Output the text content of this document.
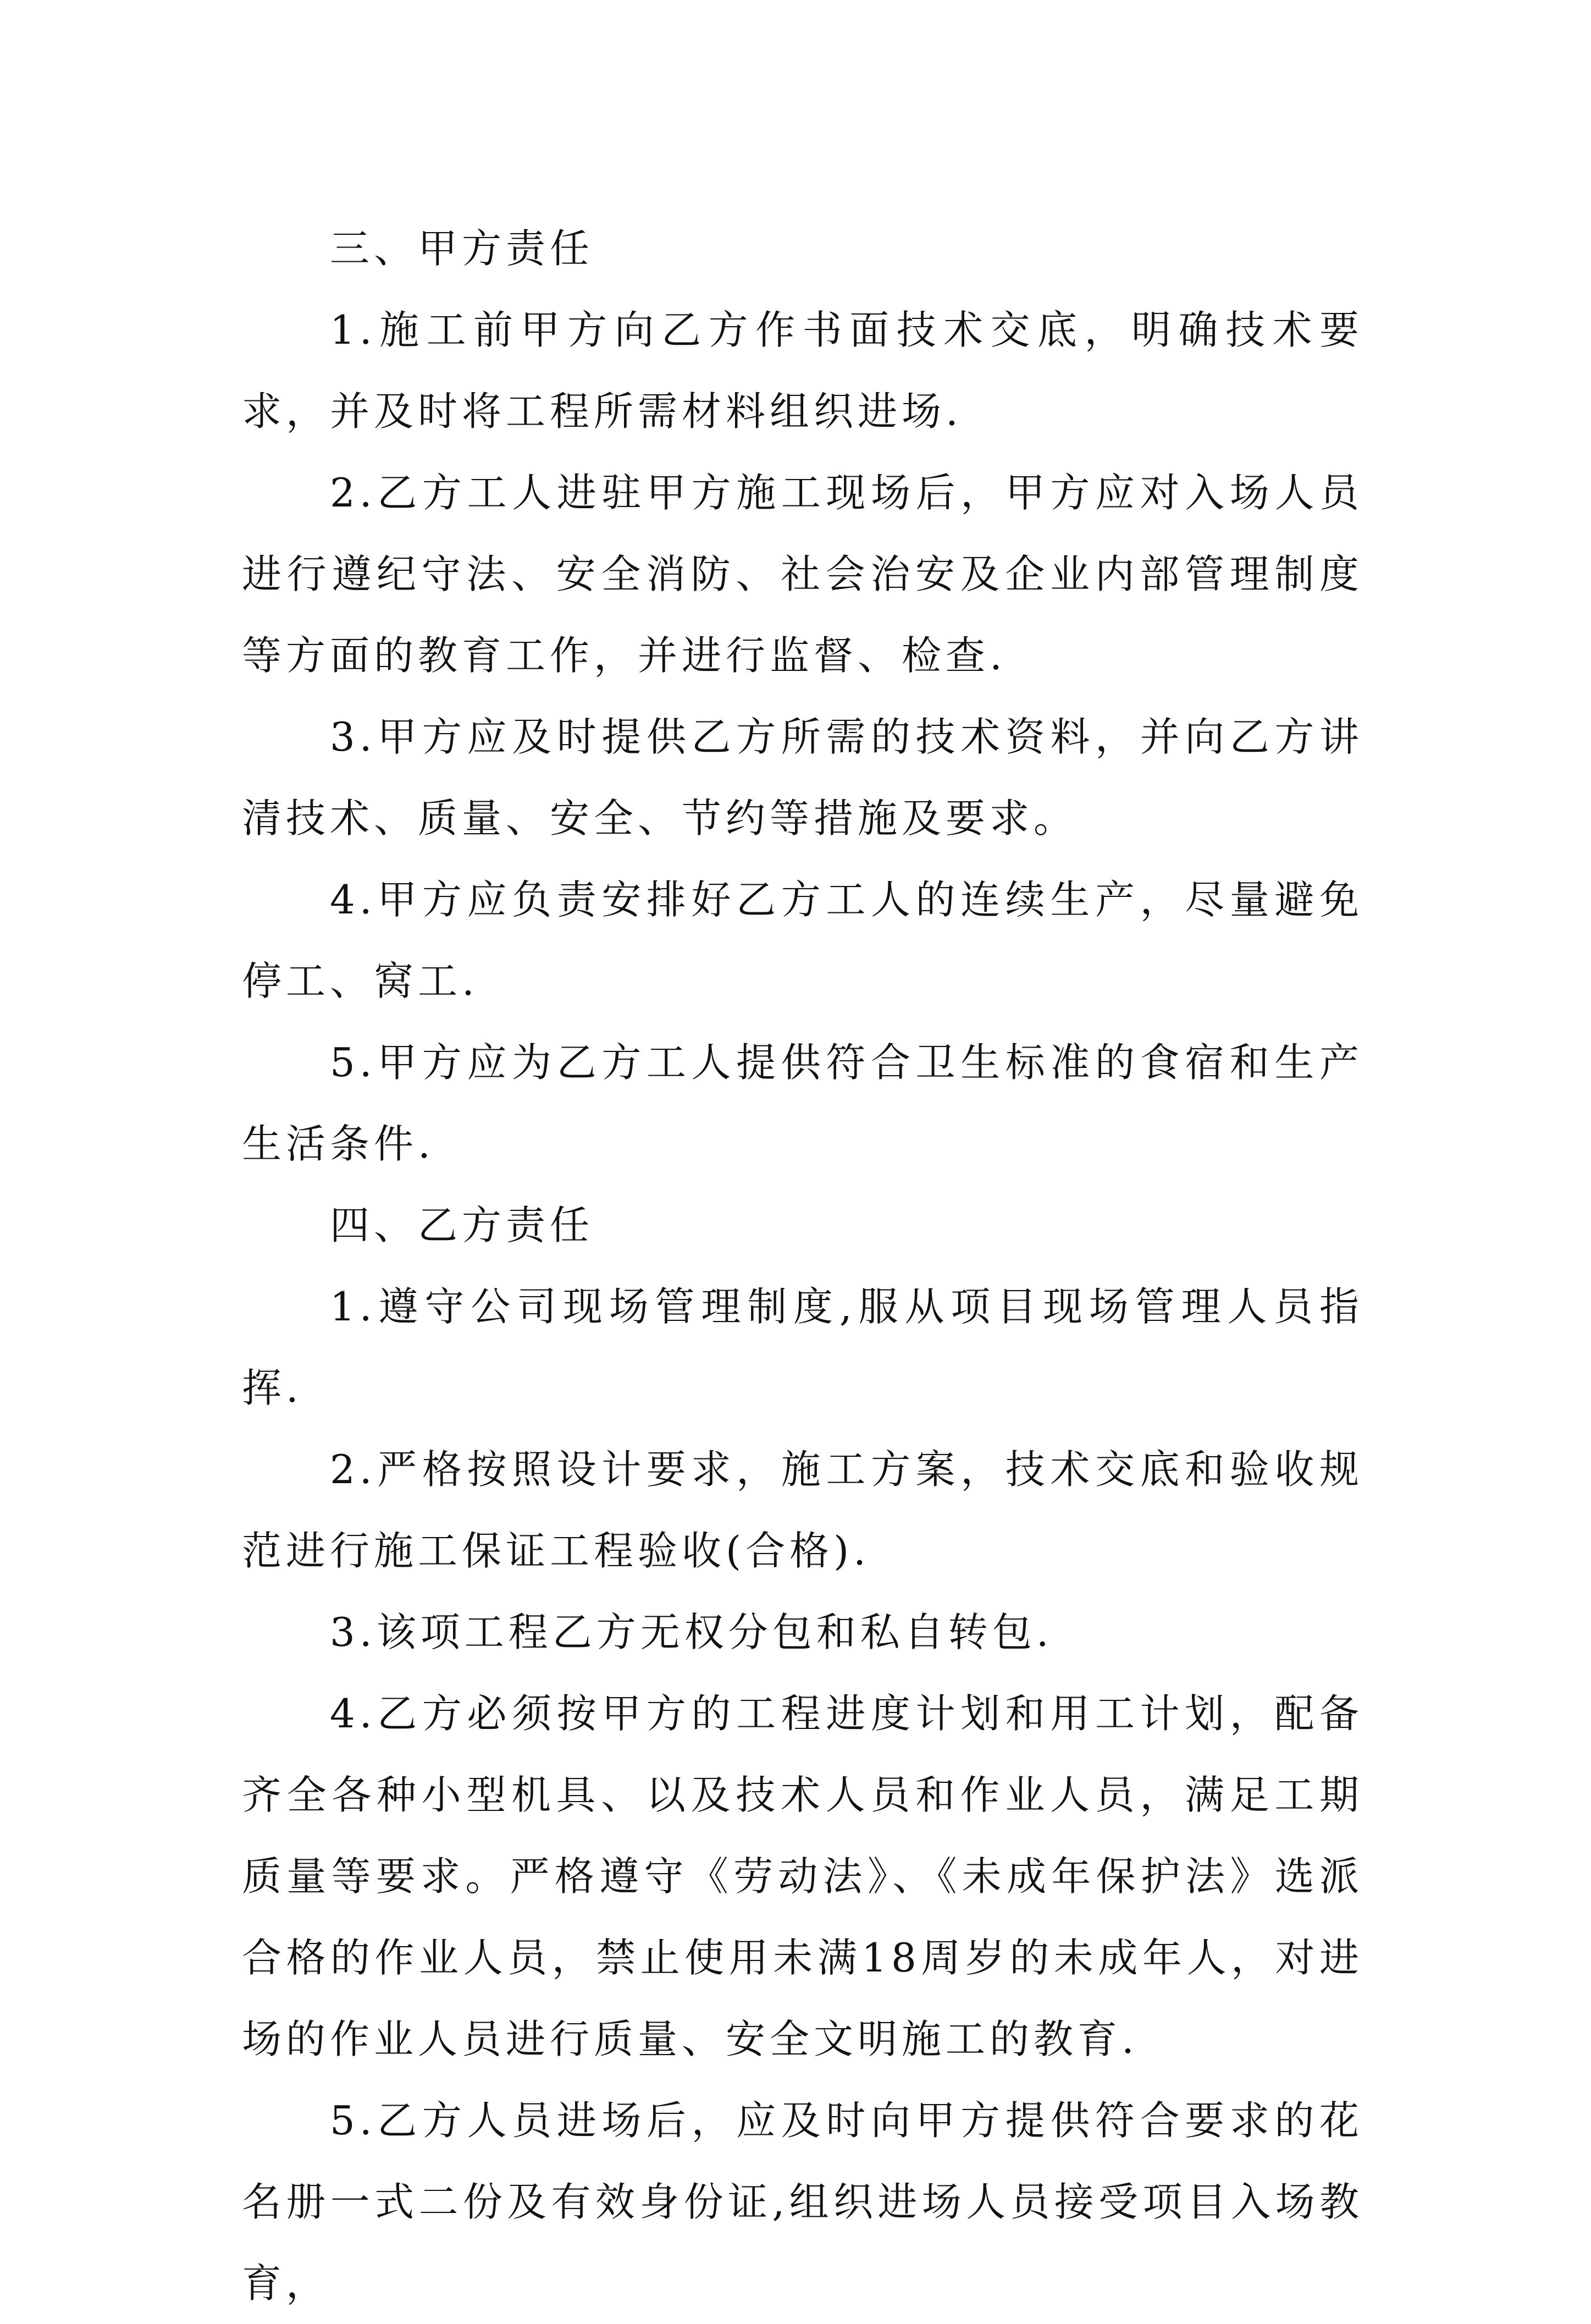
三、甲方责任

1.施工前甲方向乙方作书面技术交底，明确技术要求，并及时将工程所需材料组织进场.

2.乙方工人进驻甲方施工现场后，甲方应对入场人员进行遵纪守法、安全消防、社会治安及企业内部管理制度等方面的教育工作，并进行监督、检查.

3.甲方应及时提供乙方所需的技术资料，并向乙方讲清技术、质量、安全、节约等措施及要求。

4.甲方应负责安排好乙方工人的连续生产，尽量避免停工、窝工.

5.甲方应为乙方工人提供符合卫生标准的食宿和生产生活条件.

四、乙方责任

1.遵守公司现场管理制度,服从项目现场管理人员指挥.

2.严格按照设计要求，施工方案，技术交底和验收规范进行施工保证工程验收(合格).

3.该项工程乙方无权分包和私自转包.

4.乙方必须按甲方的工程进度计划和用工计划，配备齐全各种小型机具、以及技术人员和作业人员，满足工期质量等要求。严格遵守《劳动法》、《未成年保护法》选派合格的作业人员，禁止使用未满18周岁的未成年人，对进场的作业人员进行质量、安全文明施工的教育.

5.乙方人员进场后，应及时向甲方提供符合要求的花名册一式二份及有效身份证,组织进场人员接受项目入场教育，
